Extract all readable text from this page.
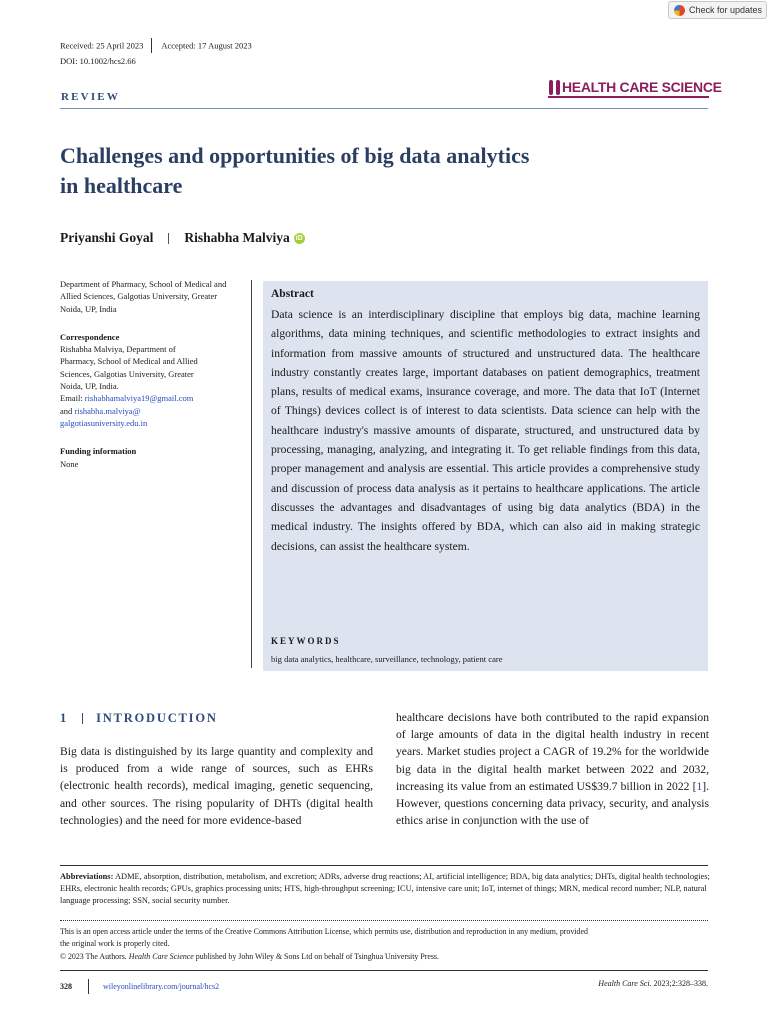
Check for updates
Received: 25 April 2023 Accepted: 17 August 2023
DOI: 10.1002/hcs2.66
REVIEW
HEALTH CARE SCIENCE
Challenges and opportunities of big data analytics
in healthcare
Priyanshi Goyal Rishabha Malviya iD

Department of Pharmacy, School of Medical and Allied Sciences, Galgotias University, Greater Noida, UP, India

Correspondence

Rishabha Malviya, Department of

Pharmacy, School of Medical and Allied

Sciences, Galgotias University, Greater

Noida, UP, India.

Email: rishabhamalviya19@gmail.com

and rishabha.malviya@

galgotiasuniversity.edu.in

Funding information

None

Abstract
Data science is an interdisciplinary discipline that employs big data, machine learning algorithms, data mining techniques, and scientific methodologies to extract insights and information from massive amounts of structured and unstructured data. The healthcare industry constantly creates large, important databases on patient demographics, treatment plans, results of medical exams, insurance coverage, and more. The data that IoT (Internet of Things) devices collect is of interest to data scientists. Data science can help with the healthcare industry's massive amounts of disparate, structured, and unstructured data by processing, managing, analyzing, and integrating it. To get reliable findings from this data, proper management and analysis are essential. This article provides a comprehensive study and discussion of process data analysis as it pertains to healthcare applications. The article discusses the advantages and disadvantages of using big data analytics (BDA) in the medical industry. The insights offered by BDA, which can also aid in making strategic decisions, can assist the healthcare system.
KEYWORDS
big data analytics, healthcare, surveillance, technology, patient care
1 INTRODUCTION
Big data is distinguished by its large quantity and complexity and is produced from a wide range of sources, such as EHRs (electronic health records), medical imaging, genetic sequencing, and other sources. The rising popularity of DHTs (digital health technologies) and the need for more evidence-based
healthcare decisions have both contributed to the rapid expansion of large amounts of data in the digital health industry in recent years. Market studies project a CAGR of 19.2% for the worldwide big data in the digital health market between 2022 and 2032, increasing its value from an estimated US$39.7 billion in 2022 [1]. However, questions concerning data privacy, security, and analysis ethics arise in conjunction with the use of
Abbreviations: ADME, absorption, distribution, metabolism, and excretion; ADRs, adverse drug reactions; AI, artificial intelligence; BDA, big data analytics; DHTs, digital health technologies; EHRs, electronic health records; GPUs, graphics processing units; HTS, high-throughput screening; ICU, intensive care unit; IoT, internet of things; MRN, medical record number; NLP, natural language processing; SSN, social security number.
This is an open access article under the terms of the Creative Commons Attribution License, which permits use, distribution and reproduction in any medium, provided
the original work is properly cited.
© 2023 The Authors. Health Care Science published by John Wiley & Sons Ltd on behalf of Tsinghua University Press.
328	wileyonlinelibrary.com/journal/hcs2	Health Care Sci. 2023;2:328–338.
